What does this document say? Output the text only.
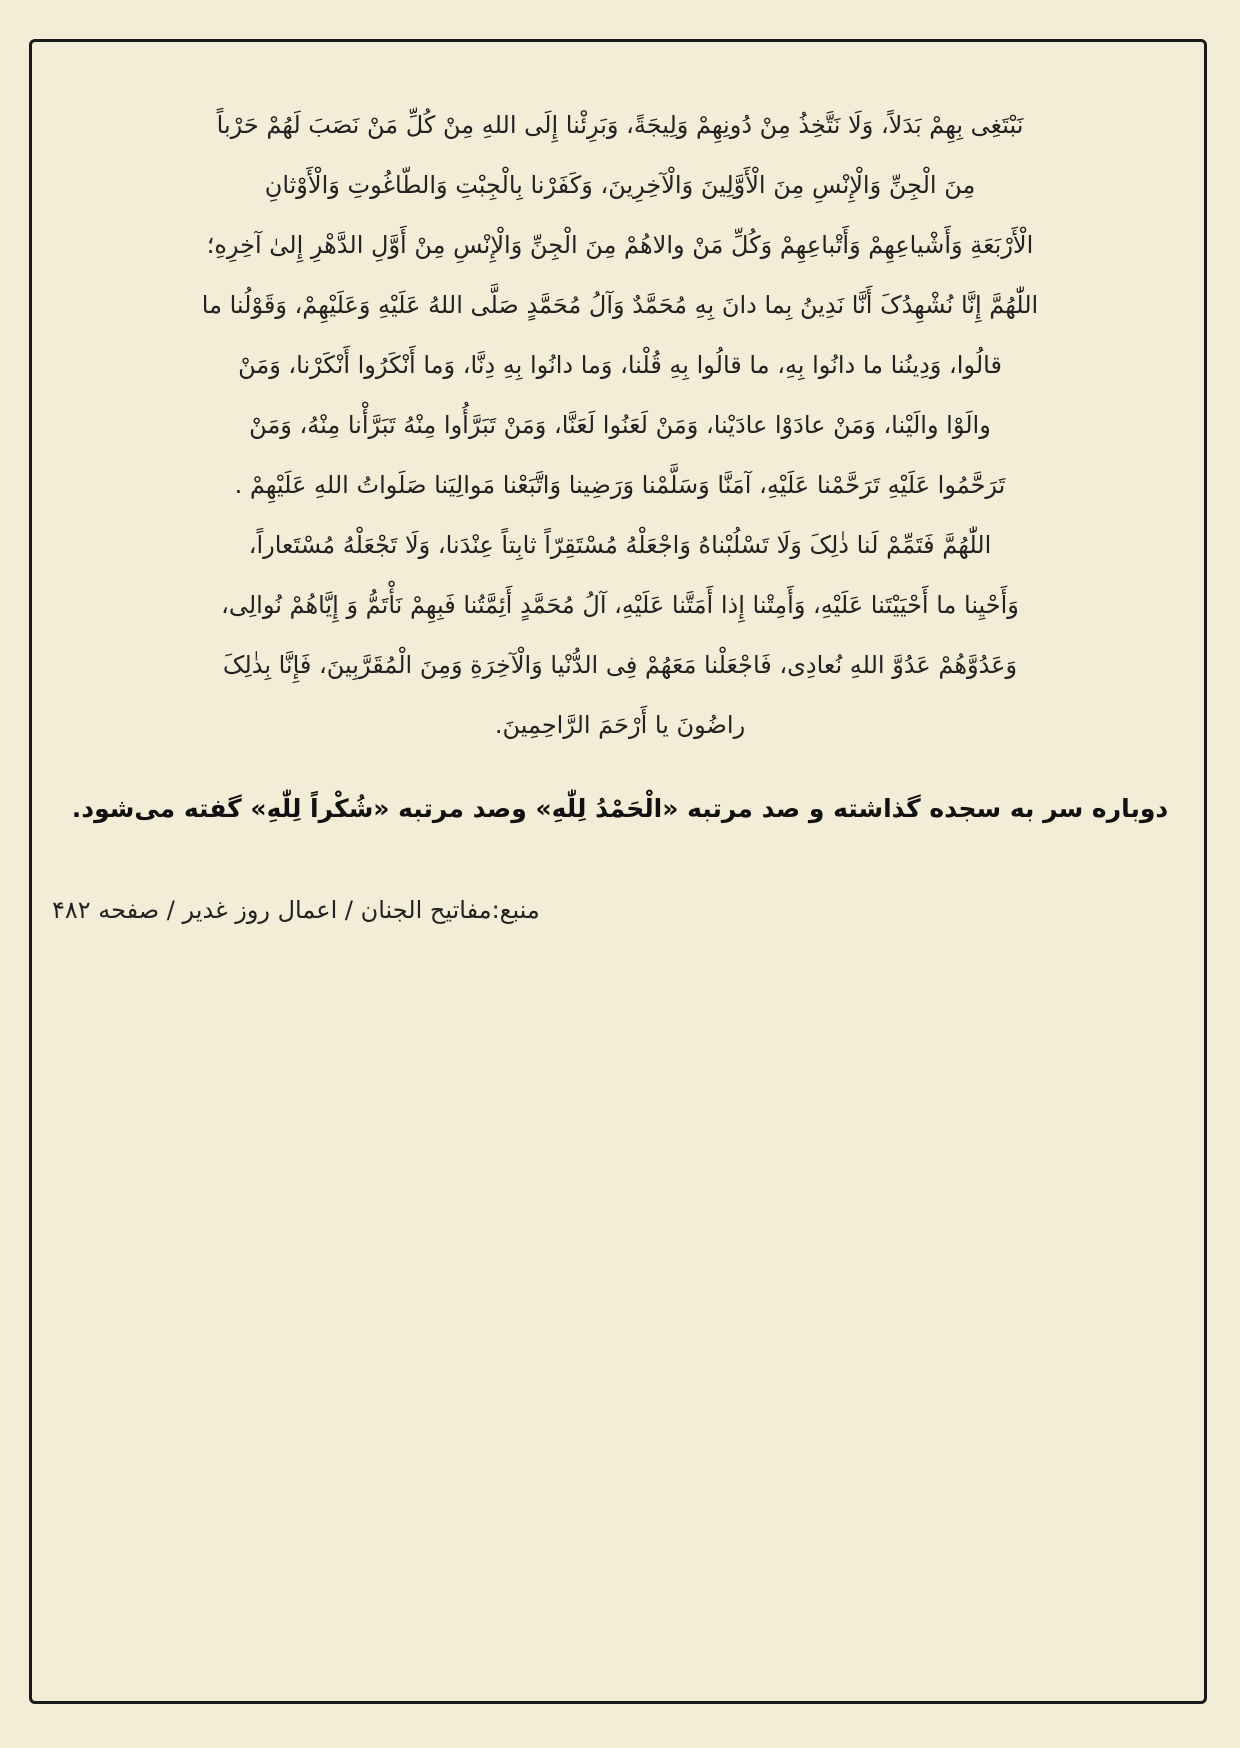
نَبْتَغِی بِهِمْ بَدَلاً، وَلَا نَتَّخِذُ مِنْ دُونِهِمْ وَلِیجَةً، وَبَرِئْنا إِلَی اللهِ مِنْ کُلِّ مَنْ نَصَبَ لَهُمْ حَرْباً
مِنَ الْجِنِّ وَالْإِنْسِ مِنَ الْأَوَّلِینَ وَالْآخِرِینَ، وَکَفَرْنا بِالْجِبْتِ وَالطّاغُوتِ وَالْأَوْثانِ
الْأَرْبَعَةِ وَأَشْیاعِهِمْ وَأَتْباعِهِمْ وَکُلِّ مَنْ والاهُمْ مِنَ الْجِنِّ وَالْإِنْسِ مِنْ أَوَّلِ الدَّهْرِ إِلیٰ آخِرِهِ؛
اللّٰهُمَّ إِنَّا نُشْهِدُکَ أَنَّا نَدِینُ بِما دانَ بِهِ مُحَمَّدٌ وَآلُ مُحَمَّدٍ صَلَّی اللهُ عَلَیْهِ وَعَلَیْهِمْ، وَقَوْلُنا ما
قالُوا، وَدِینُنا ما دانُوا بِهِ، ما قالُوا بِهِ قُلْنا، وَما دانُوا بِهِ دِنَّا، وَما أَنْکَرُوا أَنْکَرْنا، وَمَنْ
والَوْا والَیْنا، وَمَنْ عادَوْا عادَیْنا، وَمَنْ لَعَنُوا لَعَنَّا، وَمَنْ تَبَرَّأُوا مِنْهُ تَبَرَّأْنا مِنْهُ، وَمَنْ
تَرَحَّمُوا عَلَیْهِ تَرَحَّمْنا عَلَیْهِ، آمَنَّا وَسَلَّمْنا وَرَضِینا وَاتَّبَعْنا مَوالِیَنا صَلَواتُ اللهِ عَلَیْهِمْ .
اللّٰهُمَّ فَتَمِّمْ لَنا ذٰلِکَ وَلَا تَسْلُبْناهُ وَاجْعَلْهُ مُسْتَقِرّاً ثابِتاً عِنْدَنا، وَلَا تَجْعَلْهُ مُسْتَعاراً،
وَأَحْیِنا ما أَحْیَیْتَنا عَلَیْهِ، وَأَمِتْنا إِذا أَمَتَّنا عَلَیْهِ، آلُ مُحَمَّدٍ أَئِمَّتُنا فَبِهِمْ نَأْتَمُّ وَ إِیَّاهُمْ نُوالِی،
وَعَدُوَّهُمْ عَدُوَّ اللهِ نُعادِی، فَاجْعَلْنا مَعَهُمْ فِی الدُّنْیا وَالْآخِرَةِ وَمِنَ الْمُقَرَّبِینَ، فَإِنَّا بِذٰلِکَ
راضُونَ یا أَرْحَمَ الرَّاحِمِینَ.
دوباره سر به سجده گذاشته و صد مرتبه «الْحَمْدُ لِلّٰهِ» وصد مرتبه «شُکْراً لِلّٰهِ» گفته می‌شود.
منبع:مفاتیح الجنان / اعمال روز غدیر / صفحه ۴۸۲
